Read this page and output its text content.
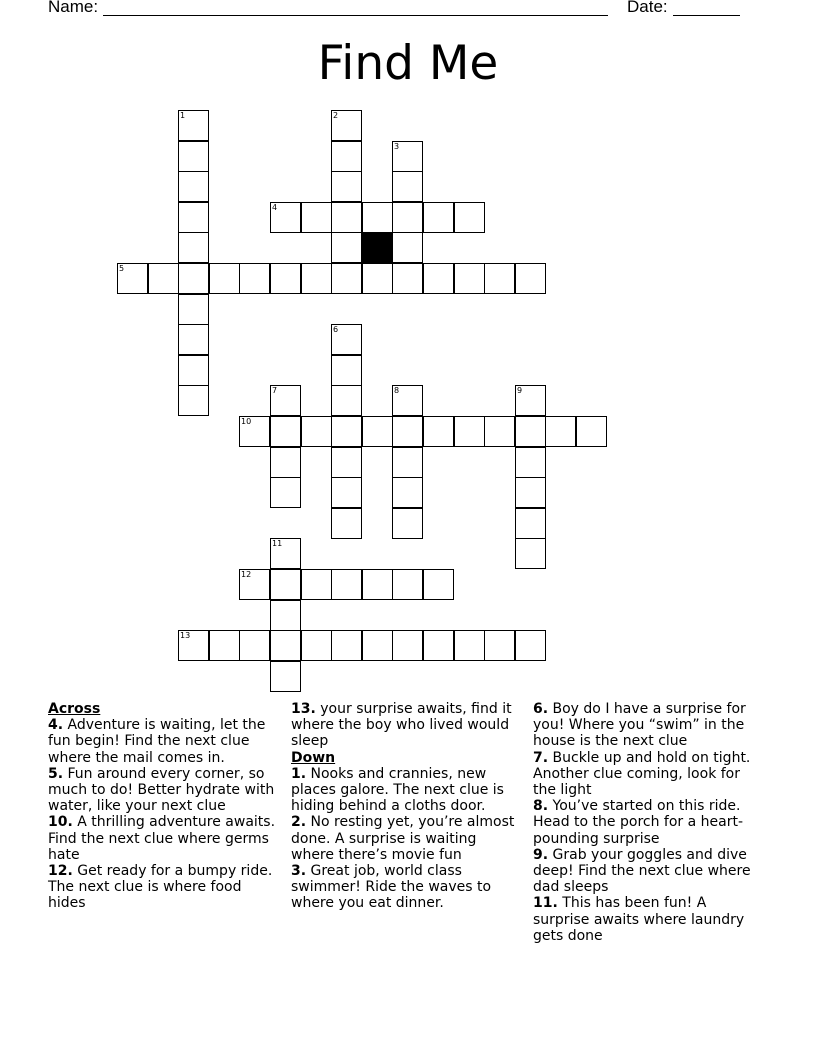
Name:	Date:
Find Me
1	2
3
4
5
6
7	8	9
10
11
12
13
Across
4. Adventure is waiting, let the fun begin! Find the next clue where the mail comes in.
5. Fun around every corner, so much to do! Better hydrate with water, like your next clue
10. A thrilling adventure awaits. Find the next clue where germs hate
12. Get ready for a bumpy ride. The next clue is where food hides
13. your surprise awaits, find it where the boy who lived would sleep
Down
1. Nooks and crannies, new places galore. The next clue is hiding behind a cloths door.
2. No resting yet, you’re almost done. A surprise is waiting where there’s movie fun
3. Great job, world class swimmer! Ride the waves to where you eat dinner.
6. Boy do I have a surprise for you! Where you “swim” in the house is the next clue
7. Buckle up and hold on tight. Another clue coming, look for the light
8. You’ve started on this ride. Head to the porch for a heart-pounding surprise
9. Grab your goggles and dive deep! Find the next clue where dad sleeps
11. This has been fun! A surprise awaits where laundry gets done
